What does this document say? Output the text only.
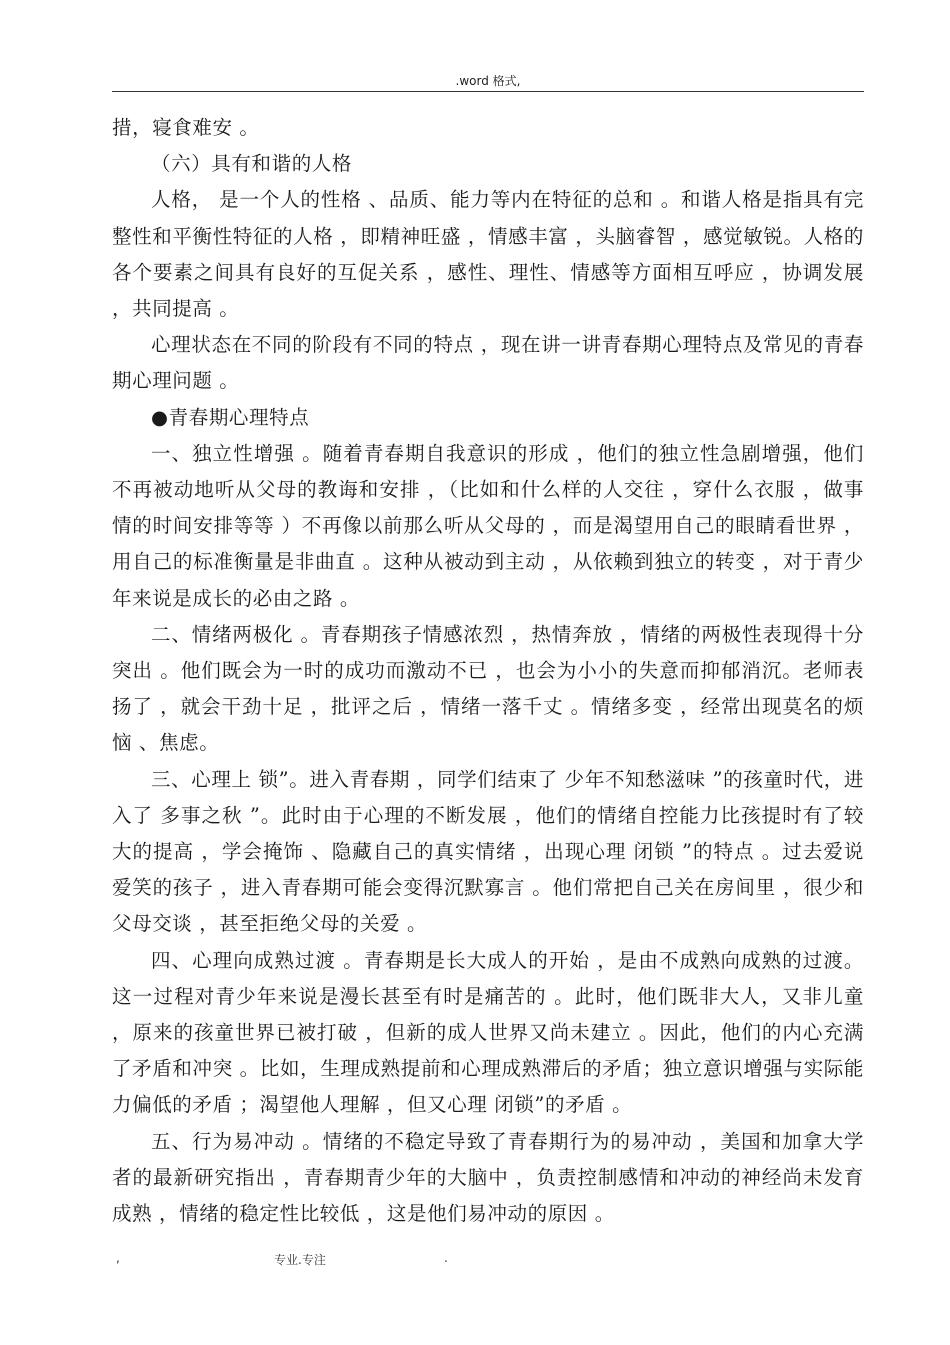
.word 格式,

措，寝食难安 。

（六）具有和谐的人格

人格， 是一个人的性格 、品质、能力等内在特征的总和 。和谐人格是指具有完整性和平衡性特征的人格 ，即精神旺盛 ，情感丰富 ，头脑睿智 ，感觉敏锐。人格的各个要素之间具有良好的互促关系 ，感性、理性、情感等方面相互呼应 ，协调发展 ，共同提高 。

心理状态在不同的阶段有不同的特点 ，现在讲一讲青春期心理特点及常见的青春期心理问题 。

●青春期心理特点

一、独立性增强 。随着青春期自我意识的形成 ，他们的独立性急剧增强，他们不再被动地听从父母的教诲和安排 ，（比如和什么样的人交往 ，穿什么衣服 ，做事情的时间安排等等 ）不再像以前那么听从父母的 ，而是渴望用自己的眼睛看世界 ，用自己的标准衡量是非曲直 。这种从被动到主动 ，从依赖到独立的转变 ，对于青少年来说是成长的必由之路 。

二、情绪两极化 。青春期孩子情感浓烈 ，热情奔放 ，情绪的两极性表现得十分突出 。他们既会为一时的成功而激动不已 ，也会为小小的失意而抑郁消沉。老师表扬了 ，就会干劲十足 ，批评之后 ，情绪一落千丈 。情绪多变 ，经常出现莫名的烦恼 、焦虑。

三、心理上 锁”。进入青春期 ，同学们结束了 少年不知愁滋味 ”的孩童时代，进入了 多事之秋 ”。此时由于心理的不断发展 ，他们的情绪自控能力比孩提时有了较大的提高 ，学会掩饰 、隐藏自己的真实情绪 ，出现心理 闭锁 ”的特点 。过去爱说爱笑的孩子 ，进入青春期可能会变得沉默寡言 。他们常把自己关在房间里 ，很少和父母交谈 ，甚至拒绝父母的关爱 。

四、心理向成熟过渡 。青春期是长大成人的开始 ，是由不成熟向成熟的过渡。这一过程对青少年来说是漫长甚至有时是痛苦的 。此时，他们既非大人，又非儿童 ，原来的孩童世界已被打破 ，但新的成人世界又尚未建立 。因此，他们的内心充满了矛盾和冲突 。比如，生理成熟提前和心理成熟滞后的矛盾；独立意识增强与实际能力偏低的矛盾 ；渴望他人理解 ，但又心理 闭锁”的矛盾 。

五、行为易冲动 。情绪的不稳定导致了青春期行为的易冲动 ，美国和加拿大学者的最新研究指出 ，青春期青少年的大脑中 ，负责控制感情和冲动的神经尚未发育成熟 ，情绪的稳定性比较低 ，这是他们易冲动的原因 。

,	专业.专注	.
